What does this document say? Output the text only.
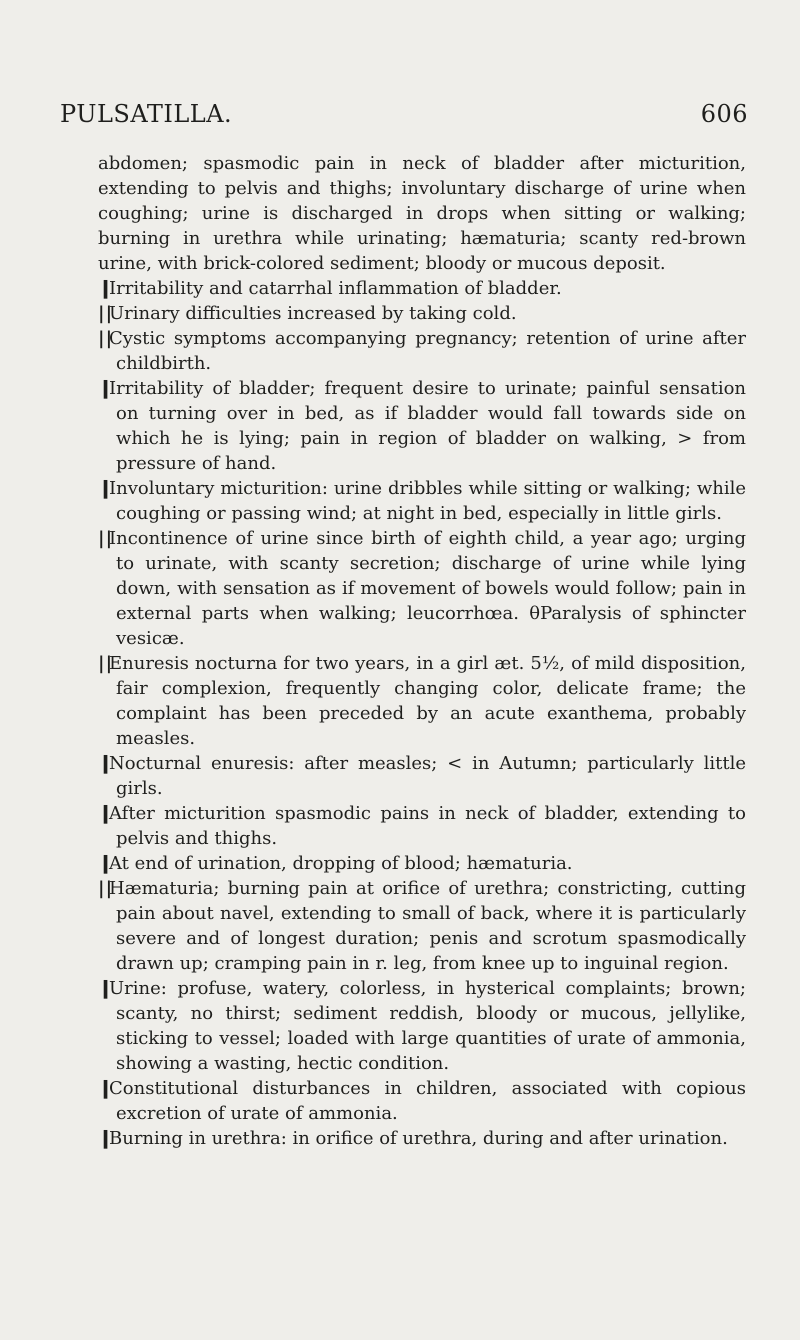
PULSATILLA.	606

abdomen; spasmodic pain in neck of bladder after micturition, extending to pelvis and thighs; involuntary discharge of urine when coughing; urine is discharged in drops when sitting or walking; burning in urethra while urinating; hæmaturia; scanty red-brown urine, with brick-colored sediment; bloody or mucous deposit.

❙Irritability and catarrhal inflammation of bladder.

| |Urinary difficulties increased by taking cold.

| |Cystic symptoms accompanying pregnancy; retention of urine after childbirth.

❙Irritability of bladder; frequent desire to urinate; painful sensation on turning over in bed, as if bladder would fall towards side on which he is lying; pain in region of bladder on walking, > from pressure of hand.

❙Involuntary micturition: urine dribbles while sitting or walking; while coughing or passing wind; at night in bed, especially in little girls.

| |Incontinence of urine since birth of eighth child, a year ago; urging to urinate, with scanty secretion; discharge of urine while lying down, with sensation as if movement of bowels would follow; pain in external parts when walking; leucorrhœa. θParalysis of sphincter vesicæ.

| |Enuresis nocturna for two years, in a girl æt. 5½, of mild disposition, fair complexion, frequently changing color, delicate frame; the complaint has been preceded by an acute exanthema, probably measles.

❙Nocturnal enuresis: after measles; < in Autumn; particularly little girls.

❙After micturition spasmodic pains in neck of bladder, extending to pelvis and thighs.

❙At end of urination, dropping of blood; hæmaturia.

| |Hæmaturia; burning pain at orifice of urethra; constricting, cutting pain about navel, extending to small of back, where it is particularly severe and of longest duration; penis and scrotum spasmodically drawn up; cramping pain in r. leg, from knee up to inguinal region.

❙Urine: profuse, watery, colorless, in hysterical complaints; brown; scanty, no thirst; sediment reddish, bloody or mucous, jellylike, sticking to vessel; loaded with large quantities of urate of ammonia, showing a wasting, hectic condition.

❙Constitutional disturbances in children, associated with copious excretion of urate of ammonia.

❙Burning in urethra: in orifice of urethra, during and after urination.
